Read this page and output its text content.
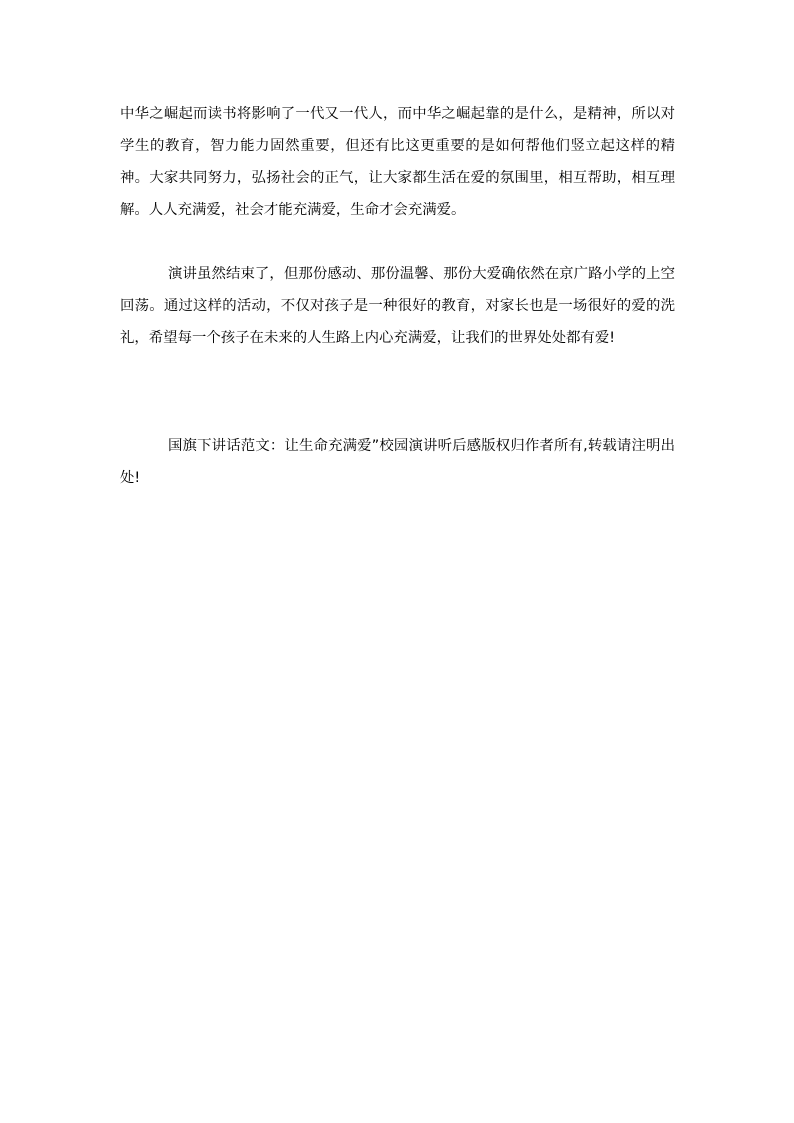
中华之崛起而读书将影响了一代又一代人，而中华之崛起靠的是什么，是精神，所以对学生的教育，智力能力固然重要，但还有比这更重要的是如何帮他们竖立起这样的精神。大家共同努力，弘扬社会的正气，让大家都生活在爱的氛围里，相互帮助，相互理解。人人充满爱，社会才能充满爱，生命才会充满爱。

演讲虽然结束了，但那份感动、那份温馨、那份大爱确依然在京广路小学的上空回荡。通过这样的活动，不仅对孩子是一种很好的教育，对家长也是一场很好的爱的洗礼，希望每一个孩子在未来的人生路上内心充满爱，让我们的世界处处都有爱!

国旗下讲话范文：让生命充满爱”校园演讲听后感版权归作者所有,转载请注明出处!
